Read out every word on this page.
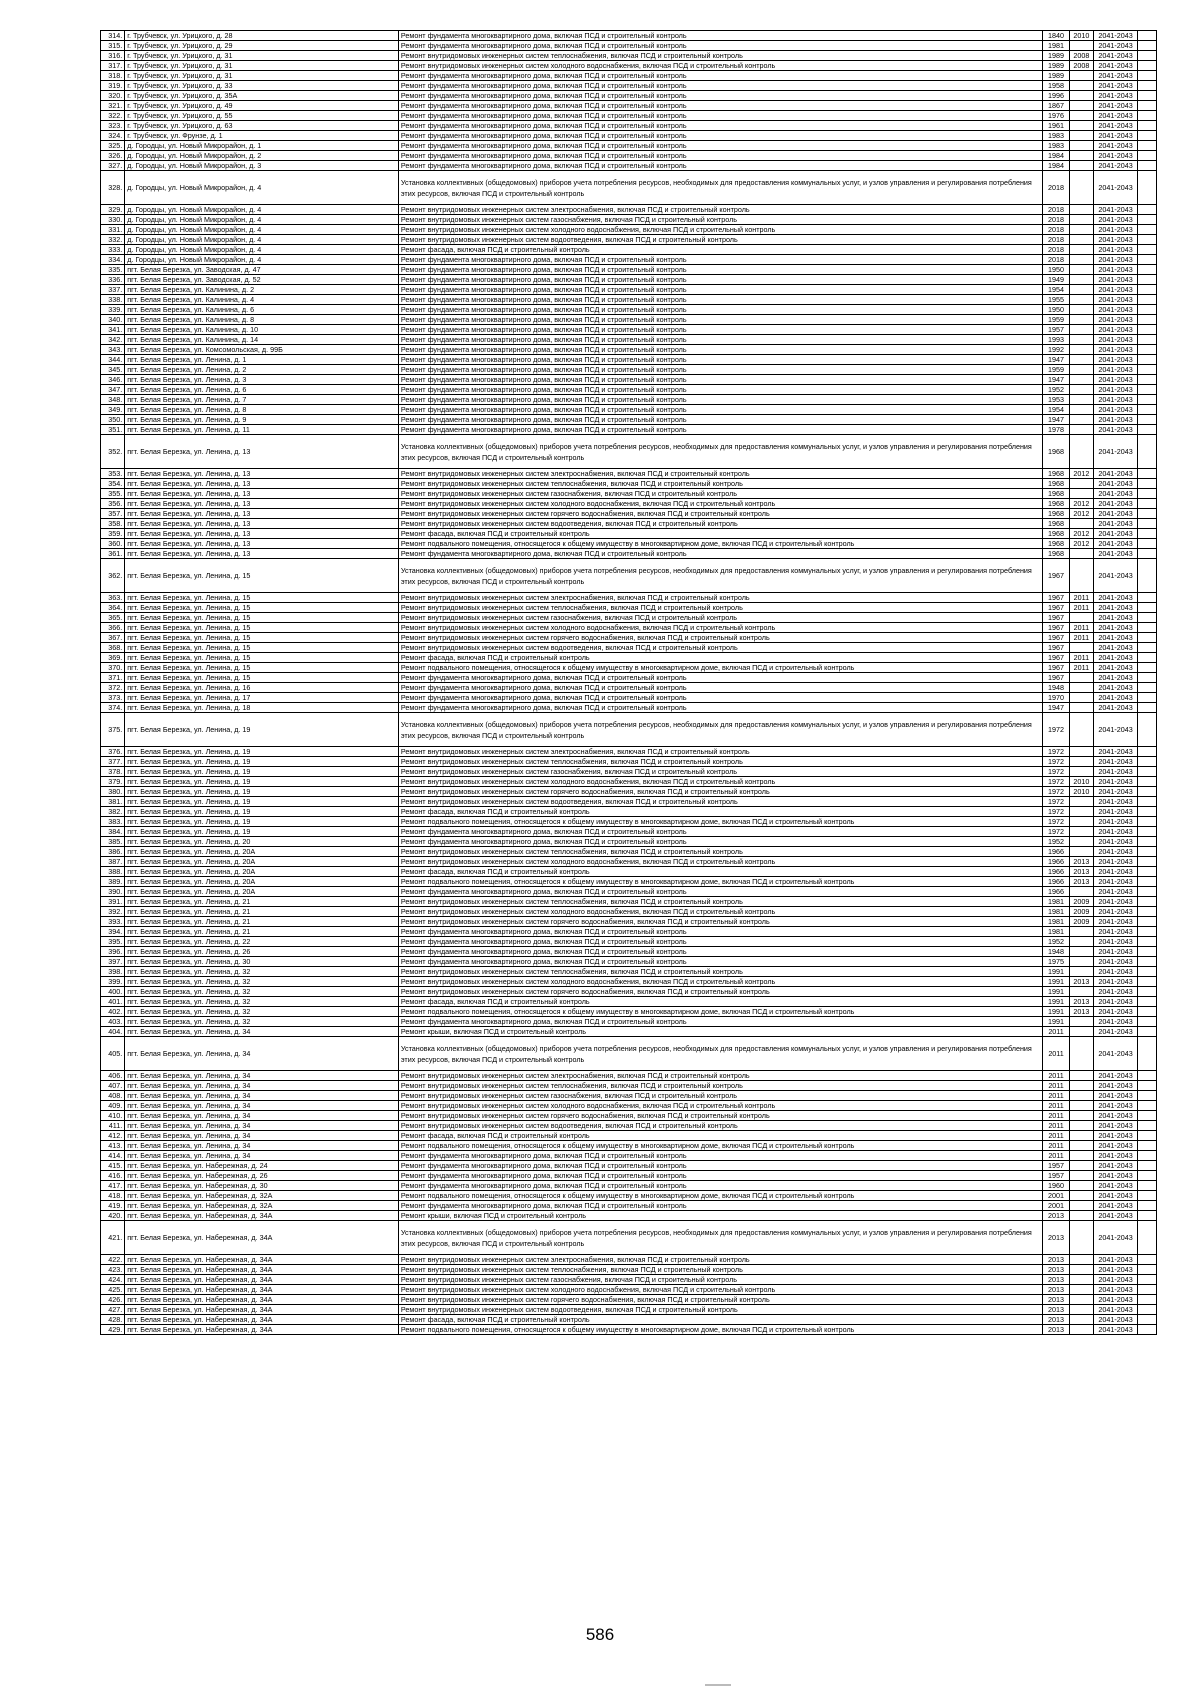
314.	г. Трубчевск, ул. Урицкого, д. 28	Ремонт фундамента многоквартирного дома, включая ПСД и строительный контроль	1840	2010	2041-2043	
315.	г. Трубчевск, ул. Урицкого, д. 29	Ремонт фундамента многоквартирного дома, включая ПСД и строительный контроль	1981		2041-2043	
316.	г. Трубчевск, ул. Урицкого, д. 31	Ремонт внутридомовых инженерных систем теплоснабжения, включая ПСД и строительный контроль	1989	2008	2041-2043	
317.	г. Трубчевск, ул. Урицкого, д. 31	Ремонт внутридомовых инженерных систем холодного водоснабжения, включая ПСД и строительный контроль	1989	2008	2041-2043	
318.	г. Трубчевск, ул. Урицкого, д. 31	Ремонт фундамента многоквартирного дома, включая ПСД и строительный контроль	1989		2041-2043	
319.	г. Трубчевск, ул. Урицкого, д. 33	Ремонт фундамента многоквартирного дома, включая ПСД и строительный контроль	1958		2041-2043	
320.	г. Трубчевск, ул. Урицкого, д. 35А	Ремонт фундамента многоквартирного дома, включая ПСД и строительный контроль	1996		2041-2043	
321.	г. Трубчевск, ул. Урицкого, д. 49	Ремонт фундамента многоквартирного дома, включая ПСД и строительный контроль	1867		2041-2043	
322.	г. Трубчевск, ул. Урицкого, д. 55	Ремонт фундамента многоквартирного дома, включая ПСД и строительный контроль	1976		2041-2043	
323.	г. Трубчевск, ул. Урицкого, д. 63	Ремонт фундамента многоквартирного дома, включая ПСД и строительный контроль	1961		2041-2043	
324.	г. Трубчевск, ул. Фрунзе, д. 1	Ремонт фундамента многоквартирного дома, включая ПСД и строительный контроль	1983		2041-2043	
325.	д. Городцы, ул. Новый Микрорайон, д. 1	Ремонт фундамента многоквартирного дома, включая ПСД и строительный контроль	1983		2041-2043	
326.	д. Городцы, ул. Новый Микрорайон, д. 2	Ремонт фундамента многоквартирного дома, включая ПСД и строительный контроль	1984		2041-2043	
327.	д. Городцы, ул. Новый Микрорайон, д. 3	Ремонт фундамента многоквартирного дома, включая ПСД и строительный контроль	1984		2041-2043	
328.	д. Городцы, ул. Новый Микрорайон, д. 4	Установка коллективных (общедомовых) приборов учета потребления ресурсов, необходимых для предоставления коммунальных услуг, и узлов управления и регулирования потребления этих ресурсов, включая ПСД и строительный контроль	2018		2041-2043	
329.	д. Городцы, ул. Новый Микрорайон, д. 4	Ремонт внутридомовых инженерных систем электроснабжения, включая ПСД и строительный контроль	2018		2041-2043	
330.	д. Городцы, ул. Новый Микрорайон, д. 4	Ремонт внутридомовых инженерных систем газоснабжения, включая ПСД и строительный контроль	2018		2041-2043	
331.	д. Городцы, ул. Новый Микрорайон, д. 4	Ремонт внутридомовых инженерных систем холодного водоснабжения, включая ПСД и строительный контроль	2018		2041-2043	
332.	д. Городцы, ул. Новый Микрорайон, д. 4	Ремонт внутридомовых инженерных систем водоотведения, включая ПСД и строительный контроль	2018		2041-2043	
333.	д. Городцы, ул. Новый Микрорайон, д. 4	Ремонт фасада, включая ПСД и строительный контроль	2018		2041-2043	
334.	д. Городцы, ул. Новый Микрорайон, д. 4	Ремонт фундамента многоквартирного дома, включая ПСД и строительный контроль	2018		2041-2043	
335.	пгт. Белая Березка, ул. Заводская, д. 47	Ремонт фундамента многоквартирного дома, включая ПСД и строительный контроль	1950		2041-2043	
336.	пгт. Белая Березка, ул. Заводская, д. 52	Ремонт фундамента многоквартирного дома, включая ПСД и строительный контроль	1949		2041-2043	
337.	пгт. Белая Березка, ул. Калинина, д. 2	Ремонт фундамента многоквартирного дома, включая ПСД и строительный контроль	1954		2041-2043	
338.	пгт. Белая Березка, ул. Калинина, д. 4	Ремонт фундамента многоквартирного дома, включая ПСД и строительный контроль	1955		2041-2043	
339.	пгт. Белая Березка, ул. Калинина, д. 6	Ремонт фундамента многоквартирного дома, включая ПСД и строительный контроль	1950		2041-2043	
340.	пгт. Белая Березка, ул. Калинина, д. 8	Ремонт фундамента многоквартирного дома, включая ПСД и строительный контроль	1959		2041-2043	
341.	пгт. Белая Березка, ул. Калинина, д. 10	Ремонт фундамента многоквартирного дома, включая ПСД и строительный контроль	1957		2041-2043	
342.	пгт. Белая Березка, ул. Калинина, д. 14	Ремонт фундамента многоквартирного дома, включая ПСД и строительный контроль	1993		2041-2043	
343.	пгт. Белая Березка, ул. Комсомольская, д. 99Б	Ремонт фундамента многоквартирного дома, включая ПСД и строительный контроль	1992		2041-2043	
344.	пгт. Белая Березка, ул. Ленина, д. 1	Ремонт фундамента многоквартирного дома, включая ПСД и строительный контроль	1947		2041-2043	
345.	пгт. Белая Березка, ул. Ленина, д. 2	Ремонт фундамента многоквартирного дома, включая ПСД и строительный контроль	1959		2041-2043	
346.	пгт. Белая Березка, ул. Ленина, д. 3	Ремонт фундамента многоквартирного дома, включая ПСД и строительный контроль	1947		2041-2043	
347.	пгт. Белая Березка, ул. Ленина, д. 6	Ремонт фундамента многоквартирного дома, включая ПСД и строительный контроль	1952		2041-2043	
348.	пгт. Белая Березка, ул. Ленина, д. 7	Ремонт фундамента многоквартирного дома, включая ПСД и строительный контроль	1953		2041-2043	
349.	пгт. Белая Березка, ул. Ленина, д. 8	Ремонт фундамента многоквартирного дома, включая ПСД и строительный контроль	1954		2041-2043	
350.	пгт. Белая Березка, ул. Ленина, д. 9	Ремонт фундамента многоквартирного дома, включая ПСД и строительный контроль	1947		2041-2043	
351.	пгт. Белая Березка, ул. Ленина, д. 11	Ремонт фундамента многоквартирного дома, включая ПСД и строительный контроль	1978		2041-2043	
352.	пгт. Белая Березка, ул. Ленина, д. 13	Установка коллективных (общедомовых) приборов учета потребления ресурсов, необходимых для предоставления коммунальных услуг, и узлов управления и регулирования потребления этих ресурсов, включая ПСД и строительный контроль	1968		2041-2043	
353.	пгт. Белая Березка, ул. Ленина, д. 13	Ремонт внутридомовых инженерных систем электроснабжения, включая ПСД и строительный контроль	1968	2012	2041-2043	
354.	пгт. Белая Березка, ул. Ленина, д. 13	Ремонт внутридомовых инженерных систем теплоснабжения, включая ПСД и строительный контроль	1968		2041-2043	
355.	пгт. Белая Березка, ул. Ленина, д. 13	Ремонт внутридомовых инженерных систем газоснабжения, включая ПСД и строительный контроль	1968		2041-2043	
356.	пгт. Белая Березка, ул. Ленина, д. 13	Ремонт внутридомовых инженерных систем холодного водоснабжения, включая ПСД и строительный контроль	1968	2012	2041-2043	
357.	пгт. Белая Березка, ул. Ленина, д. 13	Ремонт внутридомовых инженерных систем горячего водоснабжения, включая ПСД и строительный контроль	1968	2012	2041-2043	
358.	пгт. Белая Березка, ул. Ленина, д. 13	Ремонт внутридомовых инженерных систем водоотведения, включая ПСД и строительный контроль	1968		2041-2043	
359.	пгт. Белая Березка, ул. Ленина, д. 13	Ремонт фасада, включая ПСД и строительный контроль	1968	2012	2041-2043	
360.	пгт. Белая Березка, ул. Ленина, д. 13	Ремонт подвального помещения, относящегося к общему имуществу в многоквартирном доме, включая ПСД и строительный контроль	1968	2012	2041-2043	
361.	пгт. Белая Березка, ул. Ленина, д. 13	Ремонт фундамента многоквартирного дома, включая ПСД и строительный контроль	1968		2041-2043	
362.	пгт. Белая Березка, ул. Ленина, д. 15	Установка коллективных (общедомовых) приборов учета потребления ресурсов, необходимых для предоставления коммунальных услуг, и узлов управления и регулирования потребления этих ресурсов, включая ПСД и строительный контроль	1967		2041-2043	
363.	пгт. Белая Березка, ул. Ленина, д. 15	Ремонт внутридомовых инженерных систем электроснабжения, включая ПСД и строительный контроль	1967	2011	2041-2043	
364.	пгт. Белая Березка, ул. Ленина, д. 15	Ремонт внутридомовых инженерных систем теплоснабжения, включая ПСД и строительный контроль	1967	2011	2041-2043	
365.	пгт. Белая Березка, ул. Ленина, д. 15	Ремонт внутридомовых инженерных систем газоснабжения, включая ПСД и строительный контроль	1967		2041-2043	
366.	пгт. Белая Березка, ул. Ленина, д. 15	Ремонт внутридомовых инженерных систем холодного водоснабжения, включая ПСД и строительный контроль	1967	2011	2041-2043	
367.	пгт. Белая Березка, ул. Ленина, д. 15	Ремонт внутридомовых инженерных систем горячего водоснабжения, включая ПСД и строительный контроль	1967	2011	2041-2043	
368.	пгт. Белая Березка, ул. Ленина, д. 15	Ремонт внутридомовых инженерных систем водоотведения, включая ПСД и строительный контроль	1967		2041-2043	
369.	пгт. Белая Березка, ул. Ленина, д. 15	Ремонт фасада, включая ПСД и строительный контроль	1967	2011	2041-2043	
370.	пгт. Белая Березка, ул. Ленина, д. 15	Ремонт подвального помещения, относящегося к общему имуществу в многоквартирном доме, включая ПСД и строительный контроль	1967	2011	2041-2043	
371.	пгт. Белая Березка, ул. Ленина, д. 15	Ремонт фундамента многоквартирного дома, включая ПСД и строительный контроль	1967		2041-2043	
372.	пгт. Белая Березка, ул. Ленина, д. 16	Ремонт фундамента многоквартирного дома, включая ПСД и строительный контроль	1948		2041-2043	
373.	пгт. Белая Березка, ул. Ленина, д. 17	Ремонт фундамента многоквартирного дома, включая ПСД и строительный контроль	1970		2041-2043	
374.	пгт. Белая Березка, ул. Ленина, д. 18	Ремонт фундамента многоквартирного дома, включая ПСД и строительный контроль	1947		2041-2043	
375.	пгт. Белая Березка, ул. Ленина, д. 19	Установка коллективных (общедомовых) приборов учета потребления ресурсов, необходимых для предоставления коммунальных услуг, и узлов управления и регулирования потребления этих ресурсов, включая ПСД и строительный контроль	1972		2041-2043	
376.	пгт. Белая Березка, ул. Ленина, д. 19	Ремонт внутридомовых инженерных систем электроснабжения, включая ПСД и строительный контроль	1972		2041-2043	
377.	пгт. Белая Березка, ул. Ленина, д. 19	Ремонт внутридомовых инженерных систем теплоснабжения, включая ПСД и строительный контроль	1972		2041-2043	
378.	пгт. Белая Березка, ул. Ленина, д. 19	Ремонт внутридомовых инженерных систем газоснабжения, включая ПСД и строительный контроль	1972		2041-2043	
379.	пгт. Белая Березка, ул. Ленина, д. 19	Ремонт внутридомовых инженерных систем холодного водоснабжения, включая ПСД и строительный контроль	1972	2010	2041-2043	
380.	пгт. Белая Березка, ул. Ленина, д. 19	Ремонт внутридомовых инженерных систем горячего водоснабжения, включая ПСД и строительный контроль	1972	2010	2041-2043	
381.	пгт. Белая Березка, ул. Ленина, д. 19	Ремонт внутридомовых инженерных систем водоотведения, включая ПСД и строительный контроль	1972		2041-2043	
382.	пгт. Белая Березка, ул. Ленина, д. 19	Ремонт фасада, включая ПСД и строительный контроль	1972		2041-2043	
383.	пгт. Белая Березка, ул. Ленина, д. 19	Ремонт подвального помещения, относящегося к общему имуществу в многоквартирном доме, включая ПСД и строительный контроль	1972		2041-2043	
384.	пгт. Белая Березка, ул. Ленина, д. 19	Ремонт фундамента многоквартирного дома, включая ПСД и строительный контроль	1972		2041-2043	
385.	пгт. Белая Березка, ул. Ленина, д. 20	Ремонт фундамента многоквартирного дома, включая ПСД и строительный контроль	1952		2041-2043	
386.	пгт. Белая Березка, ул. Ленина, д. 20А	Ремонт внутридомовых инженерных систем теплоснабжения, включая ПСД и строительный контроль	1966		2041-2043	
387.	пгт. Белая Березка, ул. Ленина, д. 20А	Ремонт внутридомовых инженерных систем холодного водоснабжения, включая ПСД и строительный контроль	1966	2013	2041-2043	
388.	пгт. Белая Березка, ул. Ленина, д. 20А	Ремонт фасада, включая ПСД и строительный контроль	1966	2013	2041-2043	
389.	пгт. Белая Березка, ул. Ленина, д. 20А	Ремонт подвального помещения, относящегося к общему имуществу в многоквартирном доме, включая ПСД и строительный контроль	1966	2013	2041-2043	
390.	пгт. Белая Березка, ул. Ленина, д. 20А	Ремонт фундамента многоквартирного дома, включая ПСД и строительный контроль	1966		2041-2043	
391.	пгт. Белая Березка, ул. Ленина, д. 21	Ремонт внутридомовых инженерных систем теплоснабжения, включая ПСД и строительный контроль	1981	2009	2041-2043	
392.	пгт. Белая Березка, ул. Ленина, д. 21	Ремонт внутридомовых инженерных систем холодного водоснабжения, включая ПСД и строительный контроль	1981	2009	2041-2043	
393.	пгт. Белая Березка, ул. Ленина, д. 21	Ремонт внутридомовых инженерных систем горячего водоснабжения, включая ПСД и строительный контроль	1981	2009	2041-2043	
394.	пгт. Белая Березка, ул. Ленина, д. 21	Ремонт фундамента многоквартирного дома, включая ПСД и строительный контроль	1981		2041-2043	
395.	пгт. Белая Березка, ул. Ленина, д. 22	Ремонт фундамента многоквартирного дома, включая ПСД и строительный контроль	1952		2041-2043	
396.	пгт. Белая Березка, ул. Ленина, д. 26	Ремонт фундамента многоквартирного дома, включая ПСД и строительный контроль	1948		2041-2043	
397.	пгт. Белая Березка, ул. Ленина, д. 30	Ремонт фундамента многоквартирного дома, включая ПСД и строительный контроль	1975		2041-2043	
398.	пгт. Белая Березка, ул. Ленина, д. 32	Ремонт внутридомовых инженерных систем теплоснабжения, включая ПСД и строительный контроль	1991		2041-2043	
399.	пгт. Белая Березка, ул. Ленина, д. 32	Ремонт внутридомовых инженерных систем холодного водоснабжения, включая ПСД и строительный контроль	1991	2013	2041-2043	
400.	пгт. Белая Березка, ул. Ленина, д. 32	Ремонт внутридомовых инженерных систем горячего водоснабжения, включая ПСД и строительный контроль	1991		2041-2043	
401.	пгт. Белая Березка, ул. Ленина, д. 32	Ремонт фасада, включая ПСД и строительный контроль	1991	2013	2041-2043	
402.	пгт. Белая Березка, ул. Ленина, д. 32	Ремонт подвального помещения, относящегося к общему имуществу в многоквартирном доме, включая ПСД и строительный контроль	1991	2013	2041-2043	
403.	пгт. Белая Березка, ул. Ленина, д. 32	Ремонт фундамента многоквартирного дома, включая ПСД и строительный контроль	1991		2041-2043	
404.	пгт. Белая Березка, ул. Ленина, д. 34	Ремонт крыши, включая ПСД и строительный контроль	2011		2041-2043	
405.	пгт. Белая Березка, ул. Ленина, д. 34	Установка коллективных (общедомовых) приборов учета потребления ресурсов, необходимых для предоставления коммунальных услуг, и узлов управления и регулирования потребления этих ресурсов, включая ПСД и строительный контроль	2011		2041-2043	
406.	пгт. Белая Березка, ул. Ленина, д. 34	Ремонт внутридомовых инженерных систем электроснабжения, включая ПСД и строительный контроль	2011		2041-2043	
407.	пгт. Белая Березка, ул. Ленина, д. 34	Ремонт внутридомовых инженерных систем теплоснабжения, включая ПСД и строительный контроль	2011		2041-2043	
408.	пгт. Белая Березка, ул. Ленина, д. 34	Ремонт внутридомовых инженерных систем газоснабжения, включая ПСД и строительный контроль	2011		2041-2043	
409.	пгт. Белая Березка, ул. Ленина, д. 34	Ремонт внутридомовых инженерных систем холодного водоснабжения, включая ПСД и строительный контроль	2011		2041-2043	
410.	пгт. Белая Березка, ул. Ленина, д. 34	Ремонт внутридомовых инженерных систем горячего водоснабжения, включая ПСД и строительный контроль	2011		2041-2043	
411.	пгт. Белая Березка, ул. Ленина, д. 34	Ремонт внутридомовых инженерных систем водоотведения, включая ПСД и строительный контроль	2011		2041-2043	
412.	пгт. Белая Березка, ул. Ленина, д. 34	Ремонт фасада, включая ПСД и строительный контроль	2011		2041-2043	
413.	пгт. Белая Березка, ул. Ленина, д. 34	Ремонт подвального помещения, относящегося к общему имуществу в многоквартирном доме, включая ПСД и строительный контроль	2011		2041-2043	
414.	пгт. Белая Березка, ул. Ленина, д. 34	Ремонт фундамента многоквартирного дома, включая ПСД и строительный контроль	2011		2041-2043	
415.	пгт. Белая Березка, ул. Набережная, д. 24	Ремонт фундамента многоквартирного дома, включая ПСД и строительный контроль	1957		2041-2043	
416.	пгт. Белая Березка, ул. Набережная, д. 26	Ремонт фундамента многоквартирного дома, включая ПСД и строительный контроль	1957		2041-2043	
417.	пгт. Белая Березка, ул. Набережная, д. 30	Ремонт фундамента многоквартирного дома, включая ПСД и строительный контроль	1960		2041-2043	
418.	пгт. Белая Березка, ул. Набережная, д. 32А	Ремонт подвального помещения, относящегося к общему имуществу в многоквартирном доме, включая ПСД и строительный контроль	2001		2041-2043	
419.	пгт. Белая Березка, ул. Набережная, д. 32А	Ремонт фундамента многоквартирного дома, включая ПСД и строительный контроль	2001		2041-2043	
420.	пгт. Белая Березка, ул. Набережная, д. 34А	Ремонт крыши, включая ПСД и строительный контроль	2013		2041-2043	
421.	пгт. Белая Березка, ул. Набережная, д. 34А	Установка коллективных (общедомовых) приборов учета потребления ресурсов, необходимых для предоставления коммунальных услуг, и узлов управления и регулирования потребления этих ресурсов, включая ПСД и строительный контроль	2013		2041-2043	
422.	пгт. Белая Березка, ул. Набережная, д. 34А	Ремонт внутридомовых инженерных систем электроснабжения, включая ПСД и строительный контроль	2013		2041-2043	
423.	пгт. Белая Березка, ул. Набережная, д. 34А	Ремонт внутридомовых инженерных систем теплоснабжения, включая ПСД и строительный контроль	2013		2041-2043	
424.	пгт. Белая Березка, ул. Набережная, д. 34А	Ремонт внутридомовых инженерных систем газоснабжения, включая ПСД и строительный контроль	2013		2041-2043	
425.	пгт. Белая Березка, ул. Набережная, д. 34А	Ремонт внутридомовых инженерных систем холодного водоснабжения, включая ПСД и строительный контроль	2013		2041-2043	
426.	пгт. Белая Березка, ул. Набережная, д. 34А	Ремонт внутридомовых инженерных систем горячего водоснабжения, включая ПСД и строительный контроль	2013		2041-2043	
427.	пгт. Белая Березка, ул. Набережная, д. 34А	Ремонт внутридомовых инженерных систем водоотведения, включая ПСД и строительный контроль	2013		2041-2043	
428.	пгт. Белая Березка, ул. Набережная, д. 34А	Ремонт фасада, включая ПСД и строительный контроль	2013		2041-2043	
429.	пгт. Белая Березка, ул. Набережная, д. 34А	Ремонт подвального помещения, относящегося к общему имуществу в многоквартирном доме, включая ПСД и строительный контроль	2013		2041-2043	
586
